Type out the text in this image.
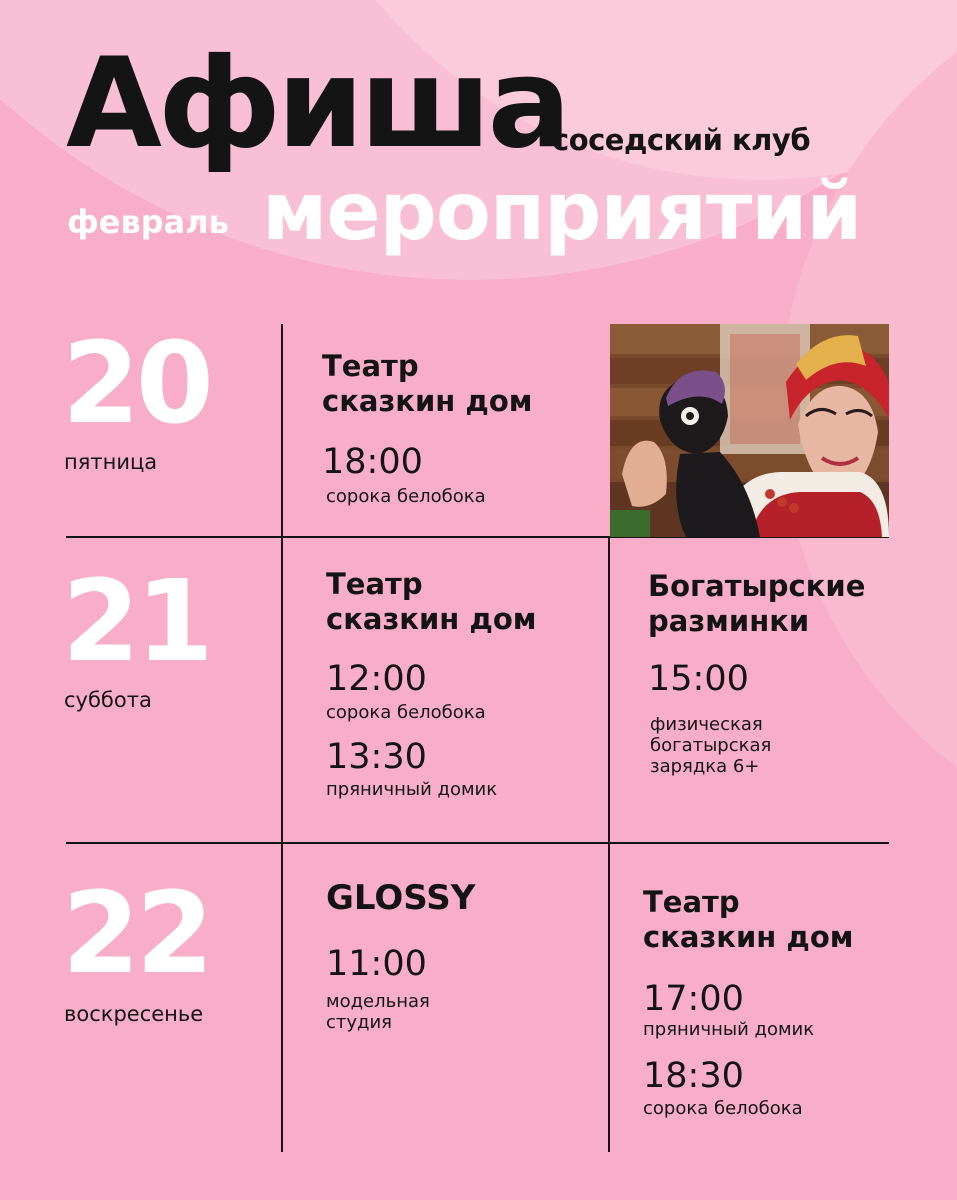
Афиша
мероприятий
соседский клуб
февраль
20
пятница
Театр
сказкин дом
18:00
сорока белобока
21
суббота
Театр
сказкин дом
12:00
сорока белобока
13:30
пряничный домик
Богатырские
разминки
15:00
физическая
богатырская
зарядка 6+
22
воскресенье
GLOSSY
11:00
модельная
студия
Театр
сказкин дом
17:00
пряничный домик
18:30
сорока белобока
